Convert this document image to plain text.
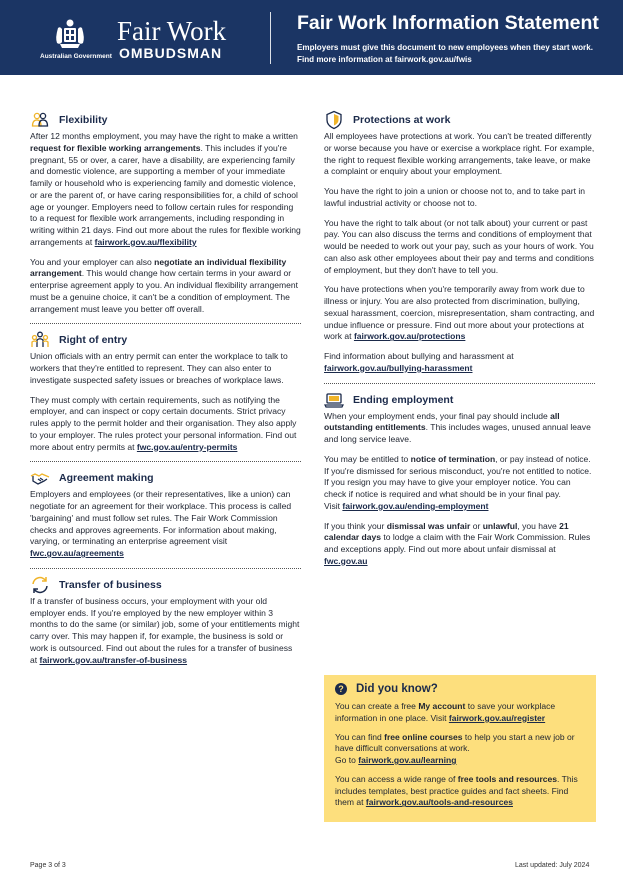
Australian Government
Fair Work
OMBUDSMAN
Fair Work Information Statement
Employers must give this document to new employees when they start work.
Find more information at fairwork.gov.au/fwis
Flexibility

After 12 months employment, you may have the right to make a written request for flexible working arrangements. This includes if you're pregnant, 55 or over, a carer, have a disability, are experiencing family and domestic violence, are supporting a member of your immediate family or household who is experiencing family and domestic violence, or are the parent of, or have caring responsibilities for, a child of school age or younger. Employers need to follow certain rules for responding to a request for flexible work arrangements, including responding in writing within 21 days. Find out more about the rules for flexible working arrangements at fairwork.gov.au/flexibility

You and your employer can also negotiate an individual flexibility arrangement. This would change how certain terms in your award or enterprise agreement apply to you. An individual flexibility arrangement must be a genuine choice, it can't be a condition of employment. The arrangement must leave you better off overall.

Right of entry

Union officials with an entry permit can enter the workplace to talk to workers that they're entitled to represent. They can also enter to investigate suspected safety issues or breaches of workplace laws.

They must comply with certain requirements, such as notifying the employer, and can inspect or copy certain documents. Strict privacy rules apply to the permit holder and their organisation. They also apply to your employer. The rules protect your personal information. Find out more about entry permits at fwc.gov.au/entry-permits

Agreement making

Employers and employees (or their representatives, like a union) can negotiate for an agreement for their workplace. This process is called 'bargaining' and must follow set rules. The Fair Work Commission checks and approves agreements. For information about making, varying, or terminating an enterprise agreement visit fwc.gov.au/agreements

Transfer of business

If a transfer of business occurs, your employment with your old employer ends. If you're employed by the new employer within 3 months to do the same (or similar) job, some of your entitlements might carry over. This may happen if, for example, the business is sold or work is outsourced. Find out about the rules for a transfer of business at fairwork.gov.au/transfer-of-business

Protections at work

All employees have protections at work. You can't be treated differently or worse because you have or exercise a workplace right. For example, the right to request flexible working arrangements, take leave, or make a complaint or enquiry about your employment.

You have the right to join a union or choose not to, and to take part in lawful industrial activity or choose not to.

You have the right to talk about (or not talk about) your current or past pay. You can also discuss the terms and conditions of employment that would be needed to work out your pay, such as your hours of work. You can also ask other employees about their pay and terms and conditions of employment, but they don't have to tell you.

You have protections when you're temporarily away from work due to illness or injury. You are also protected from discrimination, bullying, sexual harassment, coercion, misrepresentation, sham contracting, and undue influence or pressure. Find out more about your protections at work at fairwork.gov.au/protections

Find information about bullying and harassment at fairwork.gov.au/bullying-harassment

Ending employment

When your employment ends, your final pay should include all outstanding entitlements. This includes wages, unused annual leave and long service leave.

You may be entitled to notice of termination, or pay instead of notice. If you're dismissed for serious misconduct, you're not entitled to notice. If you resign you may have to give your employer notice. You can check if notice is required and what should be in your final pay.
Visit fairwork.gov.au/ending-employment

If you think your dismissal was unfair or unlawful, you have 21 calendar days to lodge a claim with the Fair Work Commission. Rules and exceptions apply. Find out more about unfair dismissal at fwc.gov.au

? Did you know?

You can create a free My account to save your workplace information in one place. Visit fairwork.gov.au/register

You can find free online courses to help you start a new job or have difficult conversations at work.
Go to fairwork.gov.au/learning

You can access a wide range of free tools and resources. This includes templates, best practice guides and fact sheets. Find them at fairwork.gov.au/tools-and-resources

Page 3 of 3	Last updated: July 2024
